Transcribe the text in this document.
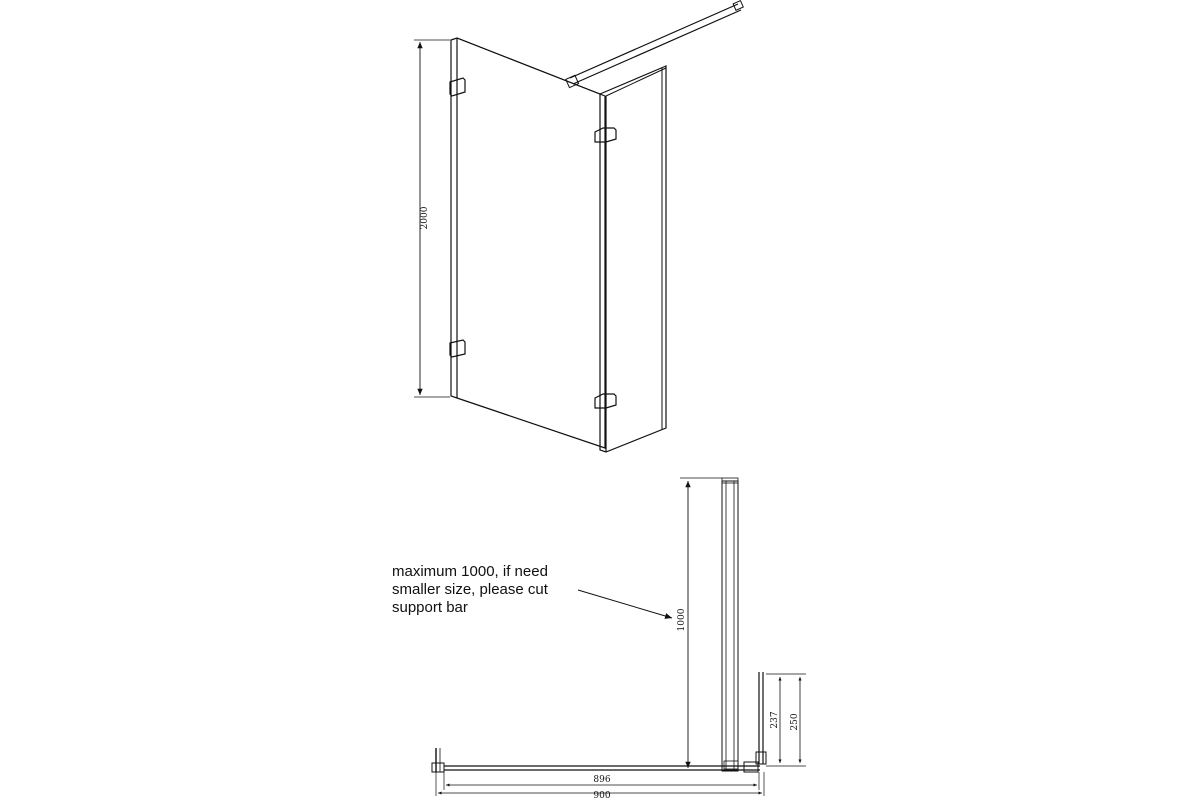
2000
1000
237 250
896
900
maximum 1000, if need
smaller size, please cut
support bar
